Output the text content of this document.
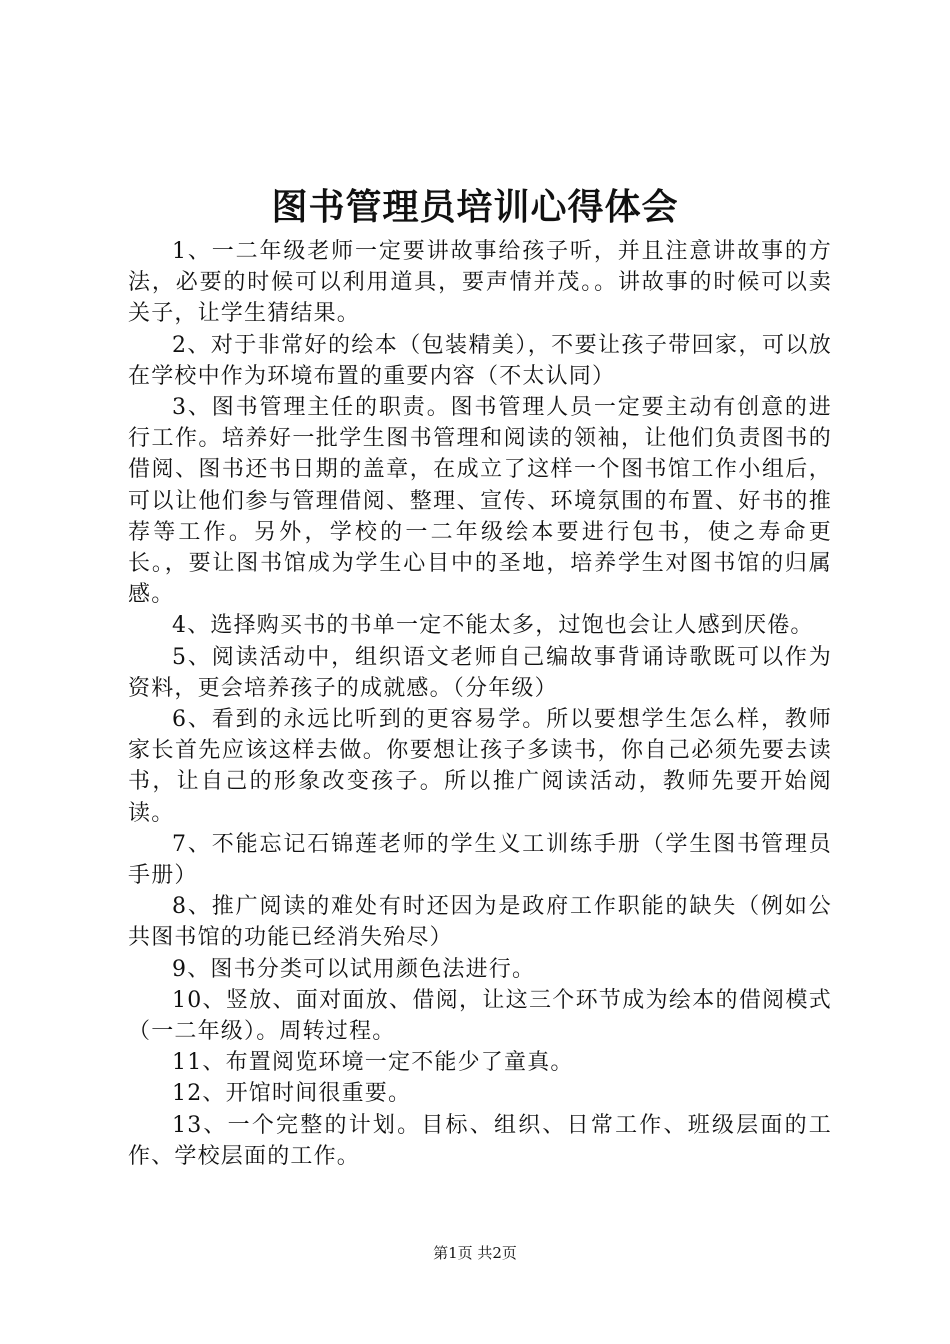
图书管理员培训心得体会

1、一二年级老师一定要讲故事给孩子听，并且注意讲故事的方法，必要的时候可以利用道具，要声情并茂。。讲故事的时候可以卖关子，让学生猜结果。

2、对于非常好的绘本（包装精美），不要让孩子带回家，可以放在学校中作为环境布置的重要内容（不太认同）

3、图书管理主任的职责。图书管理人员一定要主动有创意的进行工作。培养好一批学生图书管理和阅读的领袖，让他们负责图书的借阅、图书还书日期的盖章，在成立了这样一个图书馆工作小组后，可以让他们参与管理借阅、整理、宣传、环境氛围的布置、好书的推荐等工作。另外，学校的一二年级绘本要进行包书，使之寿命更长。，要让图书馆成为学生心目中的圣地，培养学生对图书馆的归属感。

4、选择购买书的书单一定不能太多，过饱也会让人感到厌倦。

5、阅读活动中，组织语文老师自己编故事背诵诗歌既可以作为资料，更会培养孩子的成就感。（分年级）

6、看到的永远比听到的更容易学。所以要想学生怎么样，教师家长首先应该这样去做。你要想让孩子多读书，你自己必须先要去读书，让自己的形象改变孩子。所以推广阅读活动，教师先要开始阅读。

7、不能忘记石锦莲老师的学生义工训练手册（学生图书管理员手册）

8、推广阅读的难处有时还因为是政府工作职能的缺失（例如公共图书馆的功能已经消失殆尽）

9、图书分类可以试用颜色法进行。

10、竖放、面对面放、借阅，让这三个环节成为绘本的借阅模式（一二年级）。周转过程。

11、布置阅览环境一定不能少了童真。

12、开馆时间很重要。

13、一个完整的计划。目标、组织、日常工作、班级层面的工作、学校层面的工作。

第1页 共2页
